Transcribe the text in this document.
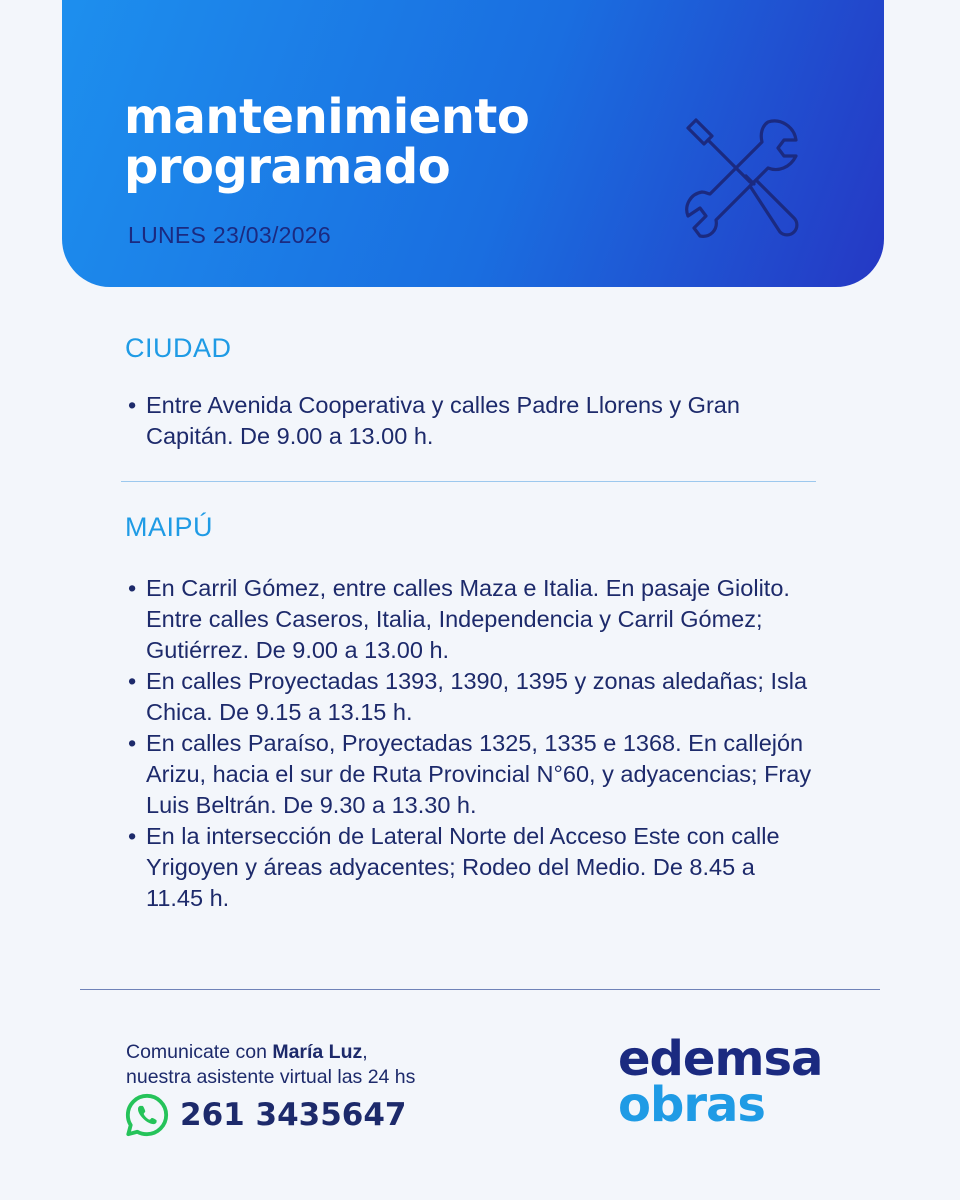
mantenimiento
programado
LUNES 23/03/2026
CIUDAD
• Entre Avenida Cooperativa y calles Padre Llorens y Gran Capitán. De 9.00 a 13.00 h.
MAIPÚ
• En Carril Gómez, entre calles Maza e Italia. En pasaje Giolito. Entre calles Caseros, Italia, Independencia y Carril Gómez; Gutiérrez. De 9.00 a 13.00 h.
• En calles Proyectadas 1393, 1390, 1395 y zonas aledañas; Isla Chica. De 9.15 a 13.15 h.
• En calles Paraíso, Proyectadas 1325, 1335 e 1368. En callejón Arizu, hacia el sur de Ruta Provincial N°60, y adyacencias; Fray Luis Beltrán. De 9.30 a 13.30 h.
• En la intersección de Lateral Norte del Acceso Este con calle Yrigoyen y áreas adyacentes; Rodeo del Medio. De 8.45 a 11.45 h.
Comunicate con María Luz,
nuestra asistente virtual las 24 hs
261 3435647
edemsa
obras
